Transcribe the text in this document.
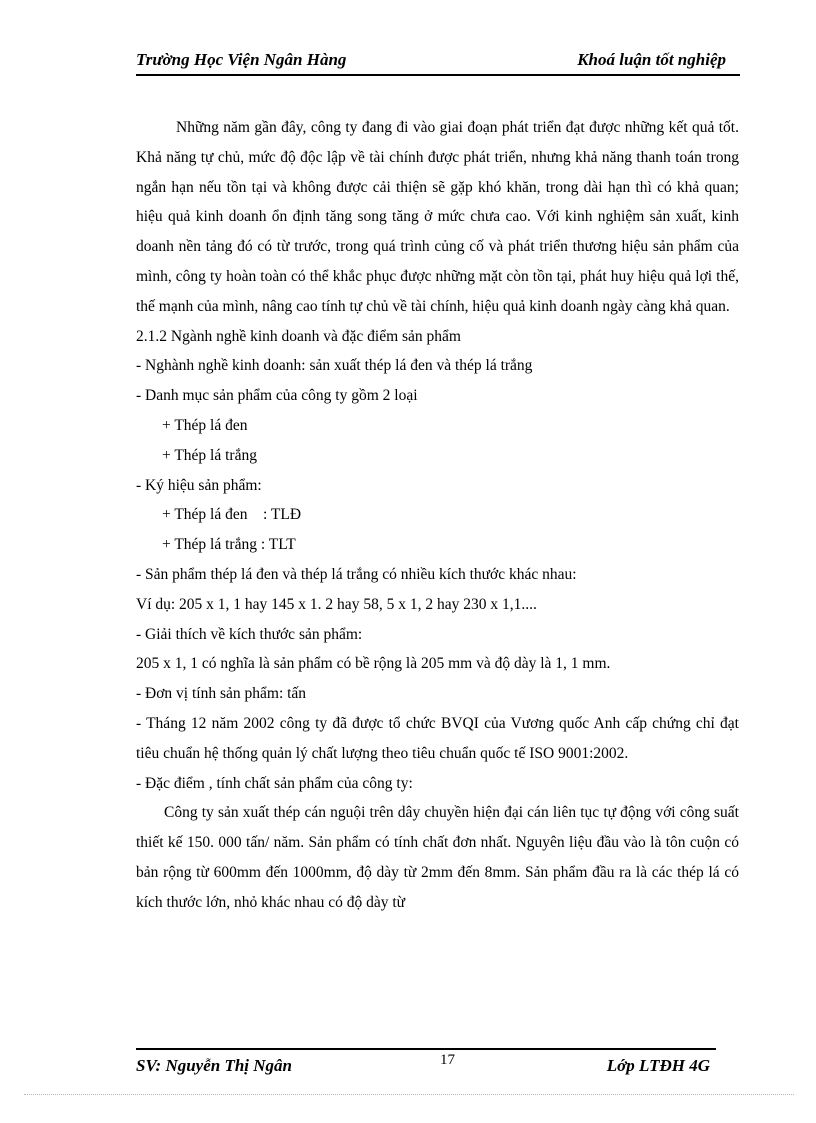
Trường Học Viện Ngân Hàng	Khoá luận tốt nghiệp

Những năm gần đây, công ty đang đi vào giai đoạn phát triển đạt được những kết quả tốt. Khả năng tự chủ, mức độ độc lập về tài chính được phát triển, nhưng khả năng thanh toán trong ngắn hạn nếu tồn tại và không được cải thiện sẽ gặp khó khăn, trong dài hạn thì có khả quan; hiệu quả kinh doanh ổn định tăng song tăng ở mức chưa cao. Với kinh nghiệm sản xuất, kinh doanh nền tảng đó có từ trước, trong quá trình củng cố và phát triển thương hiệu sản phẩm của mình, công ty hoàn toàn có thể khắc phục được những mặt còn tồn tại, phát huy hiệu quả lợi thế, thế mạnh của mình, nâng cao tính tự chủ về tài chính, hiệu quả kinh doanh ngày càng khả quan.

2.1.2 Ngành nghề kinh doanh và đặc điểm sản phẩm

- Nghành nghề kinh doanh: sản xuất thép lá đen và thép lá trắng

- Danh mục sản phẩm của công ty gồm 2 loại

+ Thép lá đen

+ Thép lá trắng

- Ký hiệu sản phẩm:

+ Thép lá đen    : TLĐ

+ Thép lá trắng : TLT

- Sản phẩm thép lá đen và thép lá trắng có nhiều kích thước khác nhau:

Ví dụ: 205 x 1, 1 hay 145 x 1. 2 hay 58, 5 x 1, 2 hay 230 x 1,1....

- Giải thích về kích thước sản phẩm:

205 x 1, 1 có nghĩa là sản phẩm có bề rộng là 205 mm và độ dày là 1, 1 mm.

- Đơn vị tính sản phẩm: tấn

- Tháng 12 năm 2002 công ty đã được tổ chức BVQI của Vương quốc Anh cấp chứng chỉ đạt tiêu chuẩn hệ thống quản lý chất lượng theo tiêu chuẩn quốc tế ISO 9001:2002.

- Đặc điểm , tính chất sản phẩm của công ty:

Công ty sản xuất thép cán nguội trên dây chuyền hiện đại cán liên tục tự động với công suất thiết kế 150. 000 tấn/ năm. Sản phẩm có tính chất đơn nhất. Nguyên liệu đầu vào là tôn cuộn có bản rộng từ 600mm đến 1000mm, độ dày từ 2mm đến 8mm. Sản phẩm đầu ra là các thép lá có kích thước lớn, nhỏ khác nhau có độ dày từ

SV: Nguyễn Thị Ngân	17	Lớp LTĐH 4G
